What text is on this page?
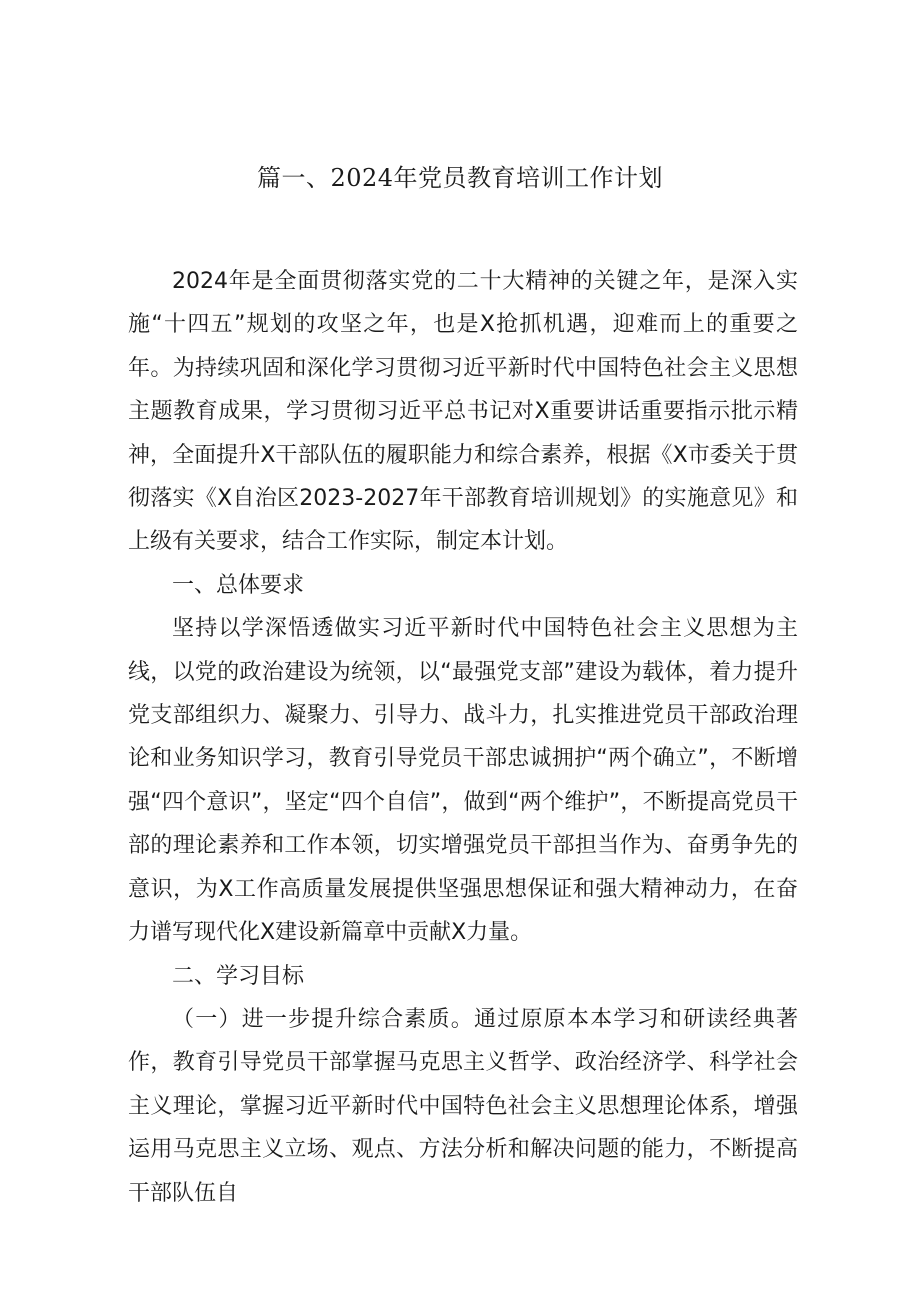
篇一、2024年党员教育培训工作计划

2024年是全面贯彻落实党的二十大精神的关键之年，是深入实施“十四五”规划的攻坚之年，也是X抢抓机遇，迎难而上的重要之年。为持续巩固和深化学习贯彻习近平新时代中国特色社会主义思想主题教育成果，学习贯彻习近平总书记对X重要讲话重要指示批示精神，全面提升X干部队伍的履职能力和综合素养，根据《X市委关于贯彻落实《X自治区2023-2027年干部教育培训规划》的实施意见》和上级有关要求，结合工作实际，制定本计划。

一、总体要求

坚持以学深悟透做实习近平新时代中国特色社会主义思想为主线，以党的政治建设为统领，以“最强党支部”建设为载体，着力提升党支部组织力、凝聚力、引导力、战斗力，扎实推进党员干部政治理论和业务知识学习，教育引导党员干部忠诚拥护“两个确立”，不断增强“四个意识”，坚定“四个自信”，做到“两个维护”，不断提高党员干部的理论素养和工作本领，切实增强党员干部担当作为、奋勇争先的意识，为X工作高质量发展提供坚强思想保证和强大精神动力，在奋力谱写现代化X建设新篇章中贡献X力量。

二、学习目标

（一）进一步提升综合素质。通过原原本本学习和研读经典著作，教育引导党员干部掌握马克思主义哲学、政治经济学、科学社会主义理论，掌握习近平新时代中国特色社会主义思想理论体系，增强运用马克思主义立场、观点、方法分析和解决问题的能力，不断提高干部队伍自
